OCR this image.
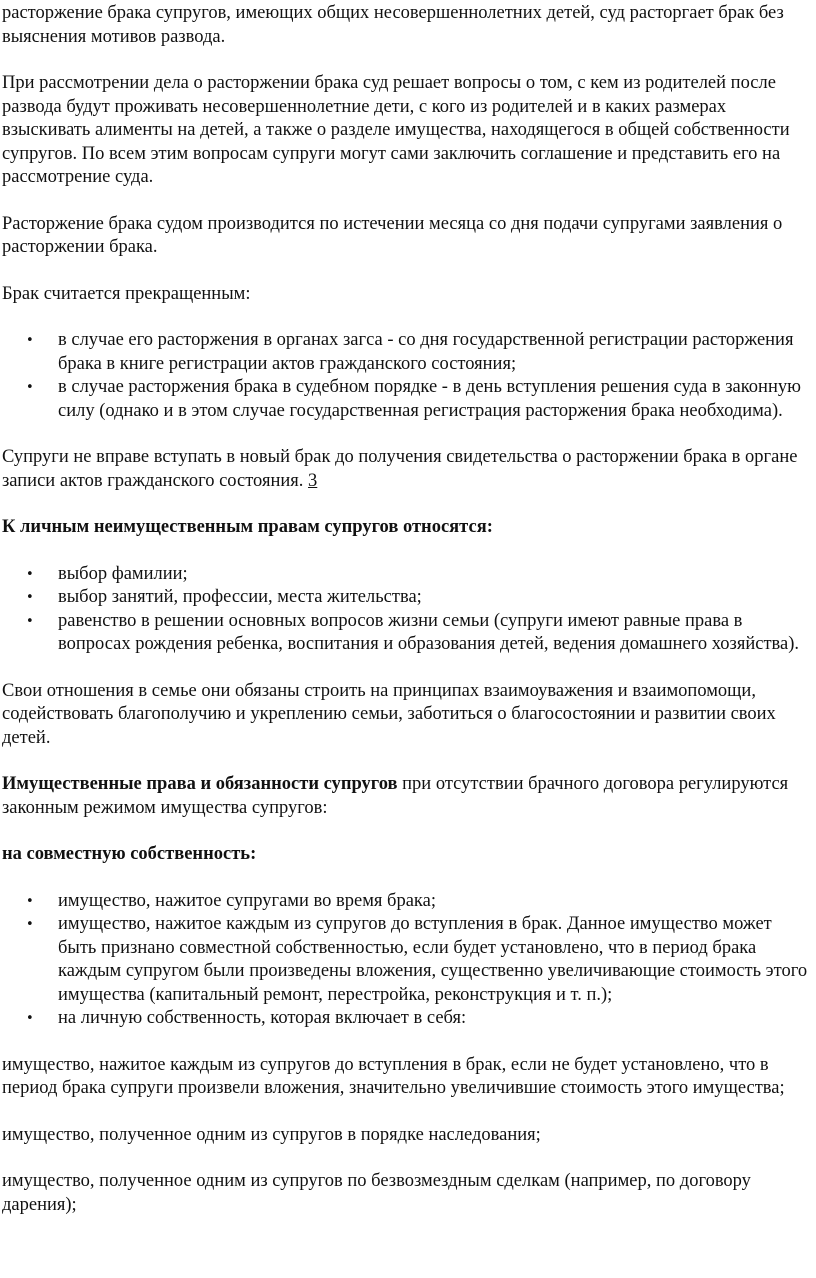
расторжение брака супругов, имеющих общих несовершеннолетних детей, суд расторгает брак без выяснения мотивов развода.

При рассмотрении дела о расторжении брака суд решает вопросы о том, с кем из родителей после развода будут проживать несовершеннолетние дети, с кого из родителей и в каких размерах взыскивать алименты на детей, а также о разделе имущества, находящегося в общей собственности супругов. По всем этим вопросам супруги могут сами заключить соглашение и представить его на рассмотрение суда.

Расторжение брака судом производится по истечении месяца со дня подачи супругами заявления о расторжении брака.

Брак считается прекращенным:

• в случае его расторжения в органах загса - со дня государственной регистрации расторжения брака в книге регистрации актов гражданского состояния;
• в случае расторжения брака в судебном порядке - в день вступления решения суда в законную силу (однако и в этом случае государственная регистрация расторжения брака необходима).

Супруги не вправе вступать в новый брак до получения свидетельства о расторжении брака в органе записи актов гражданского состояния. 3

К личным неимущественным правам супругов относятся:

• выбор фамилии;
• выбор занятий, профессии, места жительства;
• равенство в решении основных вопросов жизни семьи (супруги имеют равные права в вопросах рождения ребенка, воспитания и образования детей, ведения домашнего хозяйства).

Свои отношения в семье они обязаны строить на принципах взаимоуважения и взаимопомощи, содействовать благополучию и укреплению семьи, заботиться о благосостоянии и развитии своих детей.

Имущественные права и обязанности супругов при отсутствии брачного договора регулируются законным режимом имущества супругов:

на совместную собственность:

• имущество, нажитое супругами во время брака;
• имущество, нажитое каждым из супругов до вступления в брак. Данное имущество может быть признано совместной собственностью, если будет установлено, что в период брака каждым супругом были произведены вложения, существенно увеличивающие стоимость этого имущества (капитальный ремонт, перестройка, реконструкция и т. п.);
• на личную собственность, которая включает в себя:

имущество, нажитое каждым из супругов до вступления в брак, если не будет установлено, что в период брака супруги произвели вложения, значительно увеличившие стоимость этого имущества;

имущество, полученное одним из супругов в порядке наследования;

имущество, полученное одним из супругов по безвозмездным сделкам (например, по договору дарения);
